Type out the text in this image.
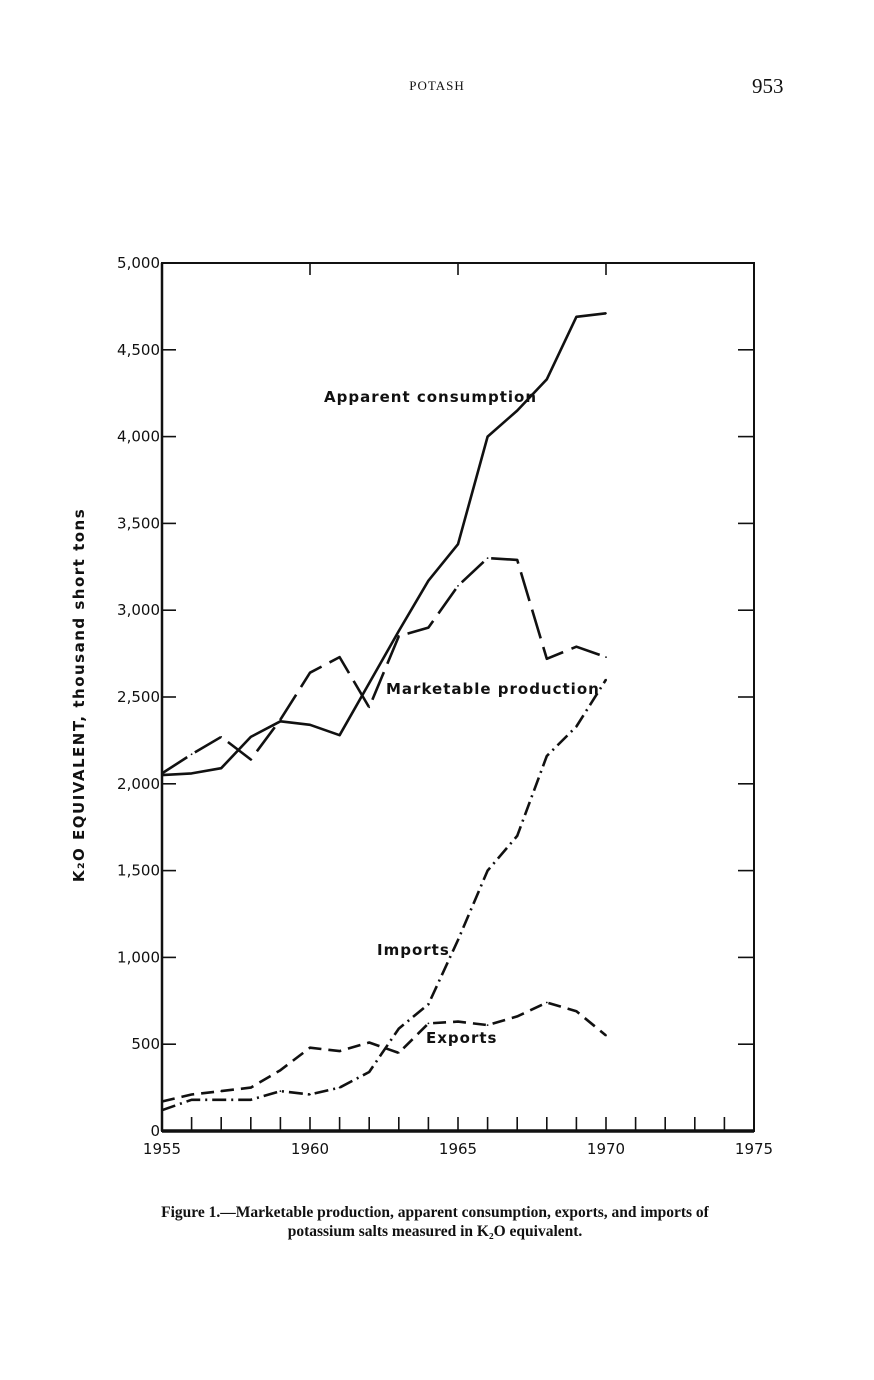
POTASH	953
0
500
1,000
1,500
2,000
2,500
3,000
3,500
4,000
4,500
5,000
1955	1960	1965	1970	1975
K₂O EQUIVALENT, thousand short tons
Apparent consumption
Marketable production
Imports
Exports
Figure 1.—Marketable production, apparent consumption, exports, and imports of
potassium salts measured in K₂O equivalent.
